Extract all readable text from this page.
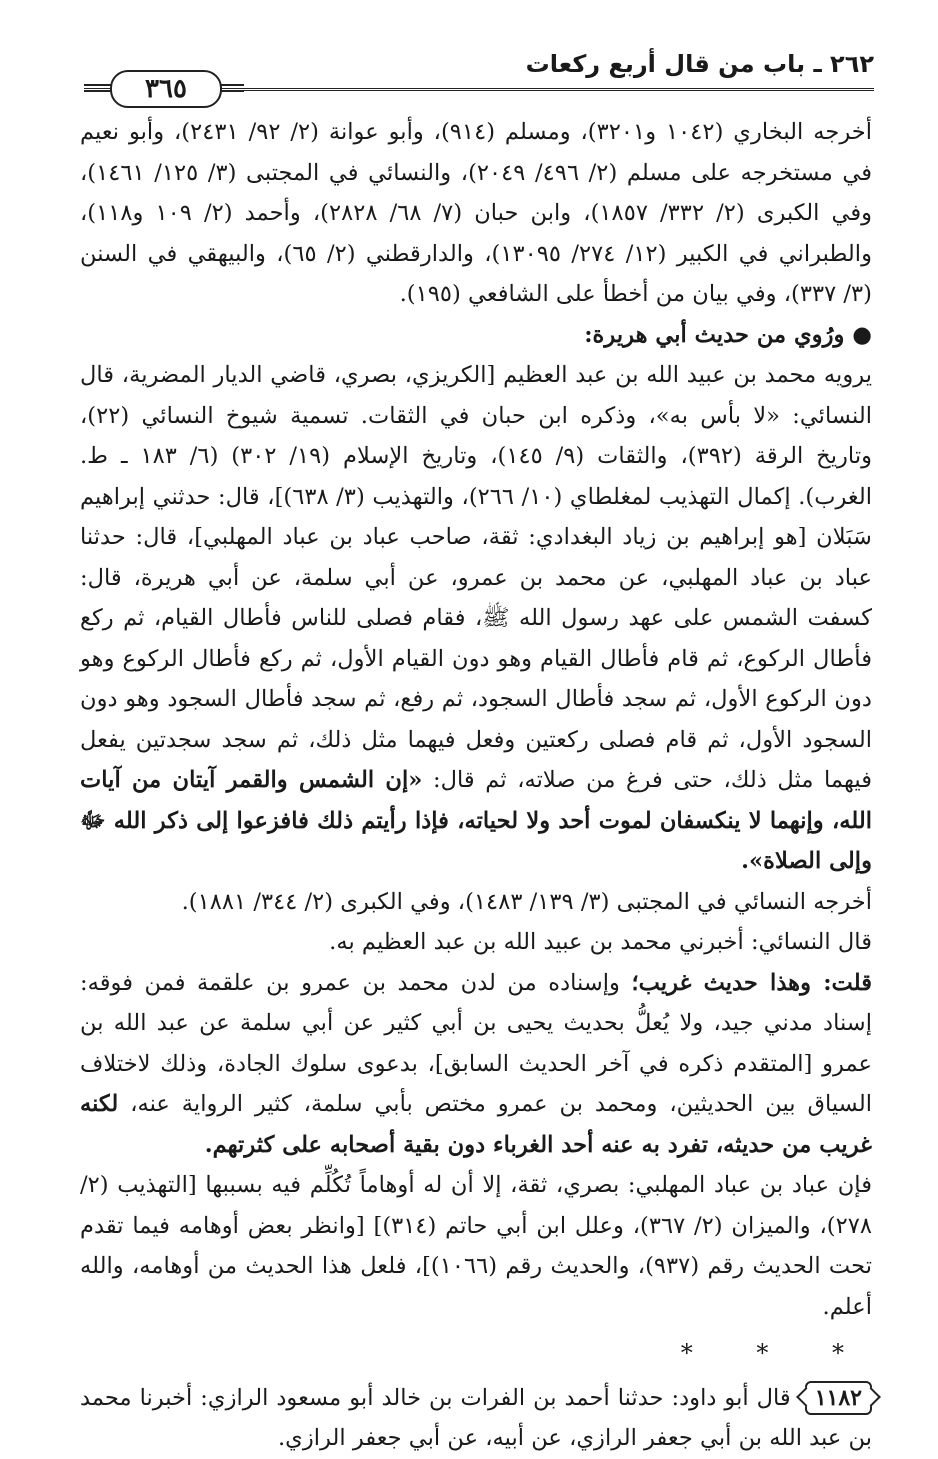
٢٦٢ ـ باب من قال أربع ركعات
٣٦٥

أخرجه البخاري (١٠٤٢ و٣٢٠١)، ومسلم (٩١٤)، وأبو عوانة (٢/ ٩٢/ ٢٤٣١)، وأبو نعيم في مستخرجه على مسلم (٢/ ٤٩٦/ ٢٠٤٩)، والنسائي في المجتبى (٣/ ١٢٥/ ١٤٦١)، وفي الكبرى (٢/ ٣٣٢/ ١٨٥٧)، وابن حبان (٧/ ٦٨/ ٢٨٢٨)، وأحمد (٢/ ١٠٩ و١١٨)، والطبراني في الكبير (١٢/ ٢٧٤/ ١٣٠٩٥)، والدارقطني (٢/ ٦٥)، والبيهقي في السنن (٣/ ٣٣٧)، وفي بيان من أخطأ على الشافعي (١٩٥).

● ورُوي من حديث أبي هريرة:

يرويه محمد بن عبيد الله بن عبد العظيم [الكريزي، بصري، قاضي الديار المضرية، قال النسائي: «لا بأس به»، وذكره ابن حبان في الثقات. تسمية شيوخ النسائي (٢٢)، وتاريخ الرقة (٣٩٢)، والثقات (٩/ ١٤٥)، وتاريخ الإسلام (١٩/ ٣٠٢) (٦/ ١٨٣ ـ ط. الغرب). إكمال التهذيب لمغلطاي (١٠/ ٢٦٦)، والتهذيب (٣/ ٦٣٨)]، قال: حدثني إبراهيم سَبَلان [هو إبراهيم بن زياد البغدادي: ثقة، صاحب عباد بن عباد المهلبي]، قال: حدثنا عباد بن عباد المهلبي، عن محمد بن عمرو، عن أبي سلمة، عن أبي هريرة، قال: كسفت الشمس على عهد رسول الله ﷺ، فقام فصلى للناس فأطال القيام، ثم ركع فأطال الركوع، ثم قام فأطال القيام وهو دون القيام الأول، ثم ركع فأطال الركوع وهو دون الركوع الأول، ثم سجد فأطال السجود، ثم رفع، ثم سجد فأطال السجود وهو دون السجود الأول، ثم قام فصلى ركعتين وفعل فيهما مثل ذلك، ثم سجد سجدتين يفعل فيهما مثل ذلك، حتى فرغ من صلاته، ثم قال: «إن الشمس والقمر آيتان من آيات الله، وإنهما لا ينكسفان لموت أحد ولا لحياته، فإذا رأيتم ذلك فافزعوا إلى ذكر الله ﷻ وإلى الصلاة».

أخرجه النسائي في المجتبى (٣/ ١٣٩/ ١٤٨٣)، وفي الكبرى (٢/ ٣٤٤/ ١٨٨١).

قال النسائي: أخبرني محمد بن عبيد الله بن عبد العظيم به.

قلت: وهذا حديث غريب؛ وإسناده من لدن محمد بن عمرو بن علقمة فمن فوقه: إسناد مدني جيد، ولا يُعلُّ بحديث يحيى بن أبي كثير عن أبي سلمة عن عبد الله بن عمرو [المتقدم ذكره في آخر الحديث السابق]، بدعوى سلوك الجادة، وذلك لاختلاف السياق بين الحديثين، ومحمد بن عمرو مختص بأبي سلمة، كثير الرواية عنه، لكنه غريب من حديثه، تفرد به عنه أحد الغرباء دون بقية أصحابه على كثرتهم.

فإن عباد بن عباد المهلبي: بصري، ثقة، إلا أن له أوهاماً تُكُلِّم فيه بسببها [التهذيب (٢/ ٢٧٨)، والميزان (٢/ ٣٦٧)، وعلل ابن أبي حاتم (٣١٤)] [وانظر بعض أوهامه فيما تقدم تحت الحديث رقم (٩٣٧)، والحديث رقم (١٠٦٦)]، فلعل هذا الحديث من أوهامه، والله أعلم.

* * *

١١٨٢ قال أبو داود: حدثنا أحمد بن الفرات بن خالد أبو مسعود الرازي: أخبرنا محمد بن عبد الله بن أبي جعفر الرازي، عن أبيه، عن أبي جعفر الرازي.
